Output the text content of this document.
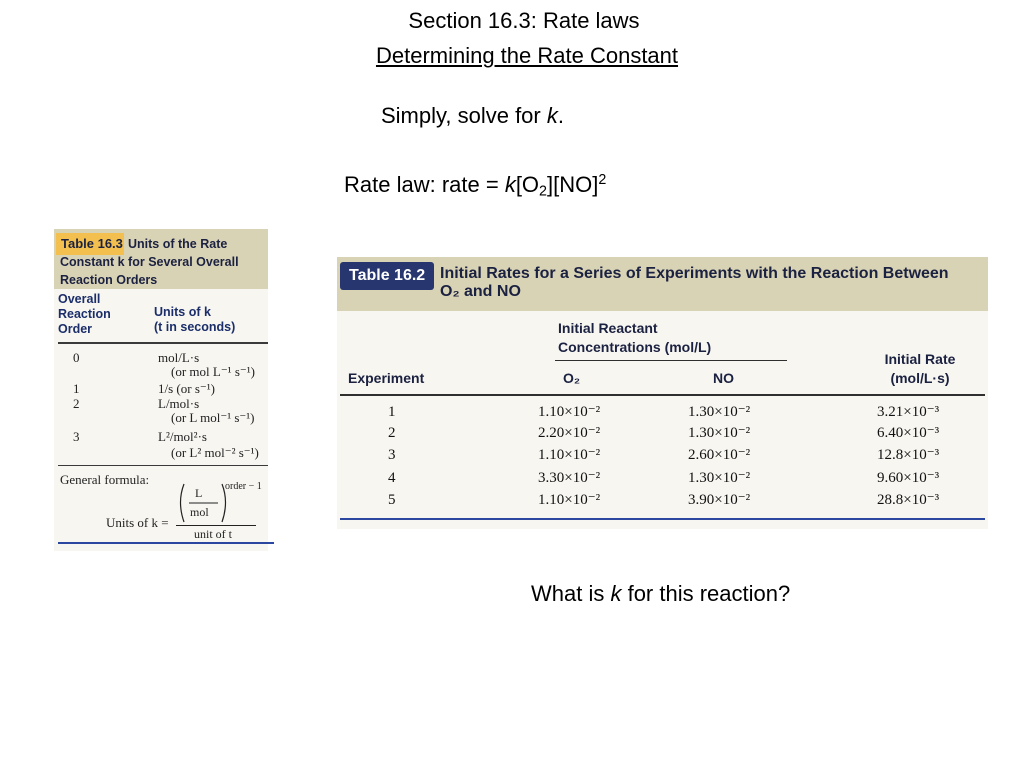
Section 16.3: Rate laws
Determining the Rate Constant
Simply, solve for k.
Rate law: rate = $k[O_2][NO]^2$
What is k for this reaction?
Table 16.3 Units of the Rate Constant k for Several Overall Reaction Orders
Overall
Reaction
Order
Units of k
(t in seconds)
0	mol/L·s
(or mol L⁻¹ s⁻¹)
1	1/s (or s⁻¹)
2	L/mol·s
(or L mol⁻¹ s⁻¹)
3	L²/mol²·s
(or L² mol⁻² s⁻¹)
General formula:
Units of k =
L
mol
order − 1
unit of t
Table 16.2 Initial Rates for a Series of Experiments with the Reaction Between
O₂ and NO
Initial Reactant
Concentrations (mol/L)
Experiment	O₂	NO
Initial Rate
(mol/L·s)
1	1.10×10⁻²	1.30×10⁻²	3.21×10⁻³
2	2.20×10⁻²	1.30×10⁻²	6.40×10⁻³
3	1.10×10⁻²	2.60×10⁻²	12.8×10⁻³
4	3.30×10⁻²	1.30×10⁻²	9.60×10⁻³
5	1.10×10⁻²	3.90×10⁻²	28.8×10⁻³
